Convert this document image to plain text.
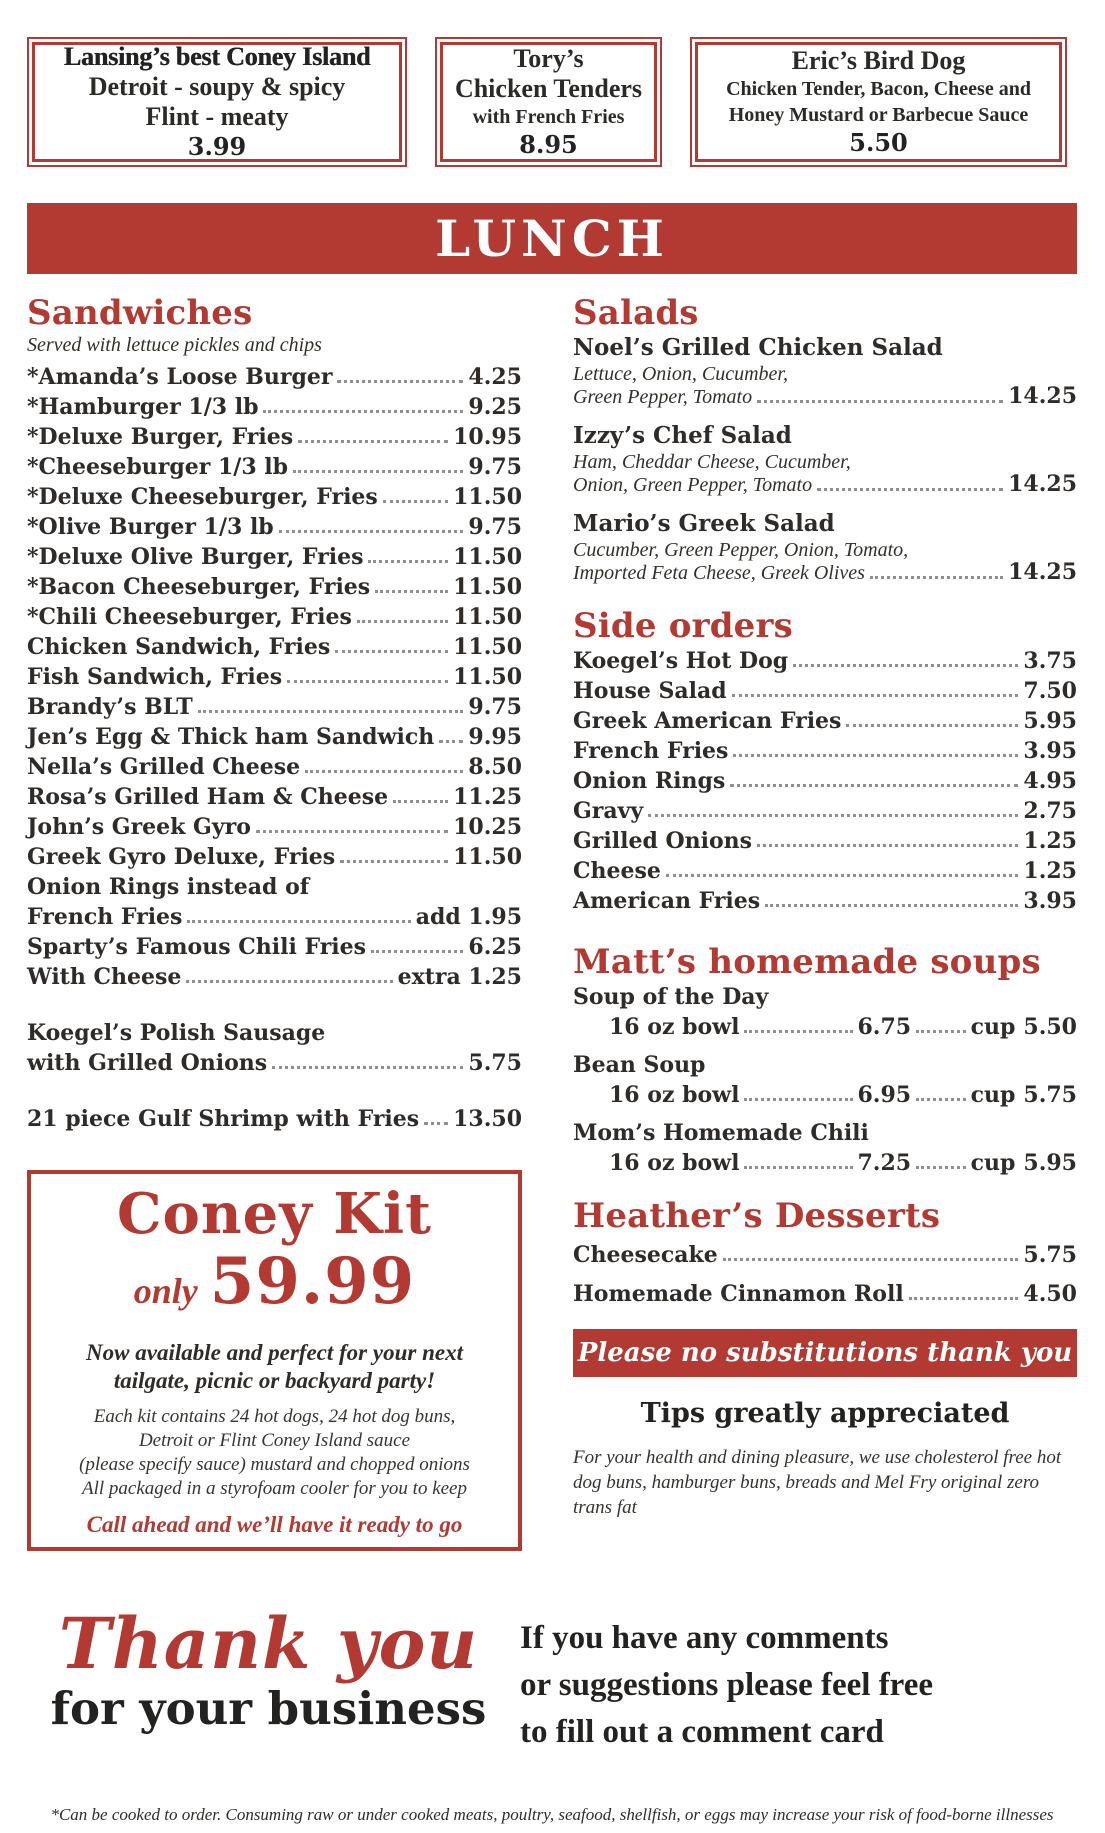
Lansing’s best Coney Island
Detroit - soupy & spicy
Flint - meaty
3.99
Tory’s
Chicken Tenders
with French Fries
8.95
Eric’s Bird Dog
Chicken Tender, Bacon, Cheese and
Honey Mustard or Barbecue Sauce
5.50
LUNCH
Sandwiches
Served with lettuce pickles and chips
*Amanda’s Loose Burger	4.25
*Hamburger 1/3 lb	9.25
*Deluxe Burger, Fries	10.95
*Cheeseburger 1/3 lb	9.75
*Deluxe Cheeseburger, Fries	11.50
*Olive Burger 1/3 lb	9.75
*Deluxe Olive Burger, Fries	11.50
*Bacon Cheeseburger, Fries	11.50
*Chili Cheeseburger, Fries	11.50
Chicken Sandwich, Fries	11.50
Fish Sandwich, Fries	11.50
Brandy’s BLT	9.75
Jen’s Egg & Thick ham Sandwich 9.95
Nella’s Grilled Cheese	8.50
Rosa’s Grilled Ham & Cheese	11.25
John’s Greek Gyro	10.25
Greek Gyro Deluxe, Fries	11.50
Onion Rings instead of
French Fries	add 1.95
Sparty’s Famous Chili Fries	6.25
With Cheese	extra 1.25
Koegel’s Polish Sausage
with Grilled Onions	5.75
21 piece Gulf Shrimp with Fries 13.50
Coney Kit
only 59.99
Now available and perfect for your next
tailgate, picnic or backyard party!
Each kit contains 24 hot dogs, 24 hot dog buns,
Detroit or Flint Coney Island sauce
(please specify sauce) mustard and chopped onions
All packaged in a styrofoam cooler for you to keep
Call ahead and we’ll have it ready to go
Salads
Noel’s Grilled Chicken Salad
Lettuce, Onion, Cucumber,
Green Pepper, Tomato	14.25
Izzy’s Chef Salad
Ham, Cheddar Cheese, Cucumber,
Onion, Green Pepper, Tomato	14.25
Mario’s Greek Salad
Cucumber, Green Pepper, Onion, Tomato,
Imported Feta Cheese, Greek Olives	14.25
Side orders
Koegel’s Hot Dog	3.75
House Salad	7.50
Greek American Fries	5.95
French Fries	3.95
Onion Rings	4.95
Gravy	2.75
Grilled Onions	1.25
Cheese	1.25
American Fries	3.95
Matt’s homemade soups
Soup of the Day
16 oz bowl	6.75	cup 5.50
Bean Soup
16 oz bowl	6.95	cup 5.75
Mom’s Homemade Chili
16 oz bowl	7.25	cup 5.95
Heather’s Desserts
Cheesecake	5.75
Homemade Cinnamon Roll	4.50
Please no substitutions thank you
Tips greatly appreciated
For your health and dining pleasure, we use cholesterol free hot dog buns, hamburger buns, breads and Mel Fry original zero trans fat
Thank you
for your business
If you have any comments
or suggestions please feel free
to fill out a comment card
*Can be cooked to order. Consuming raw or under cooked meats, poultry, seafood, shellfish, or eggs may increase your risk of food-borne illnesses
